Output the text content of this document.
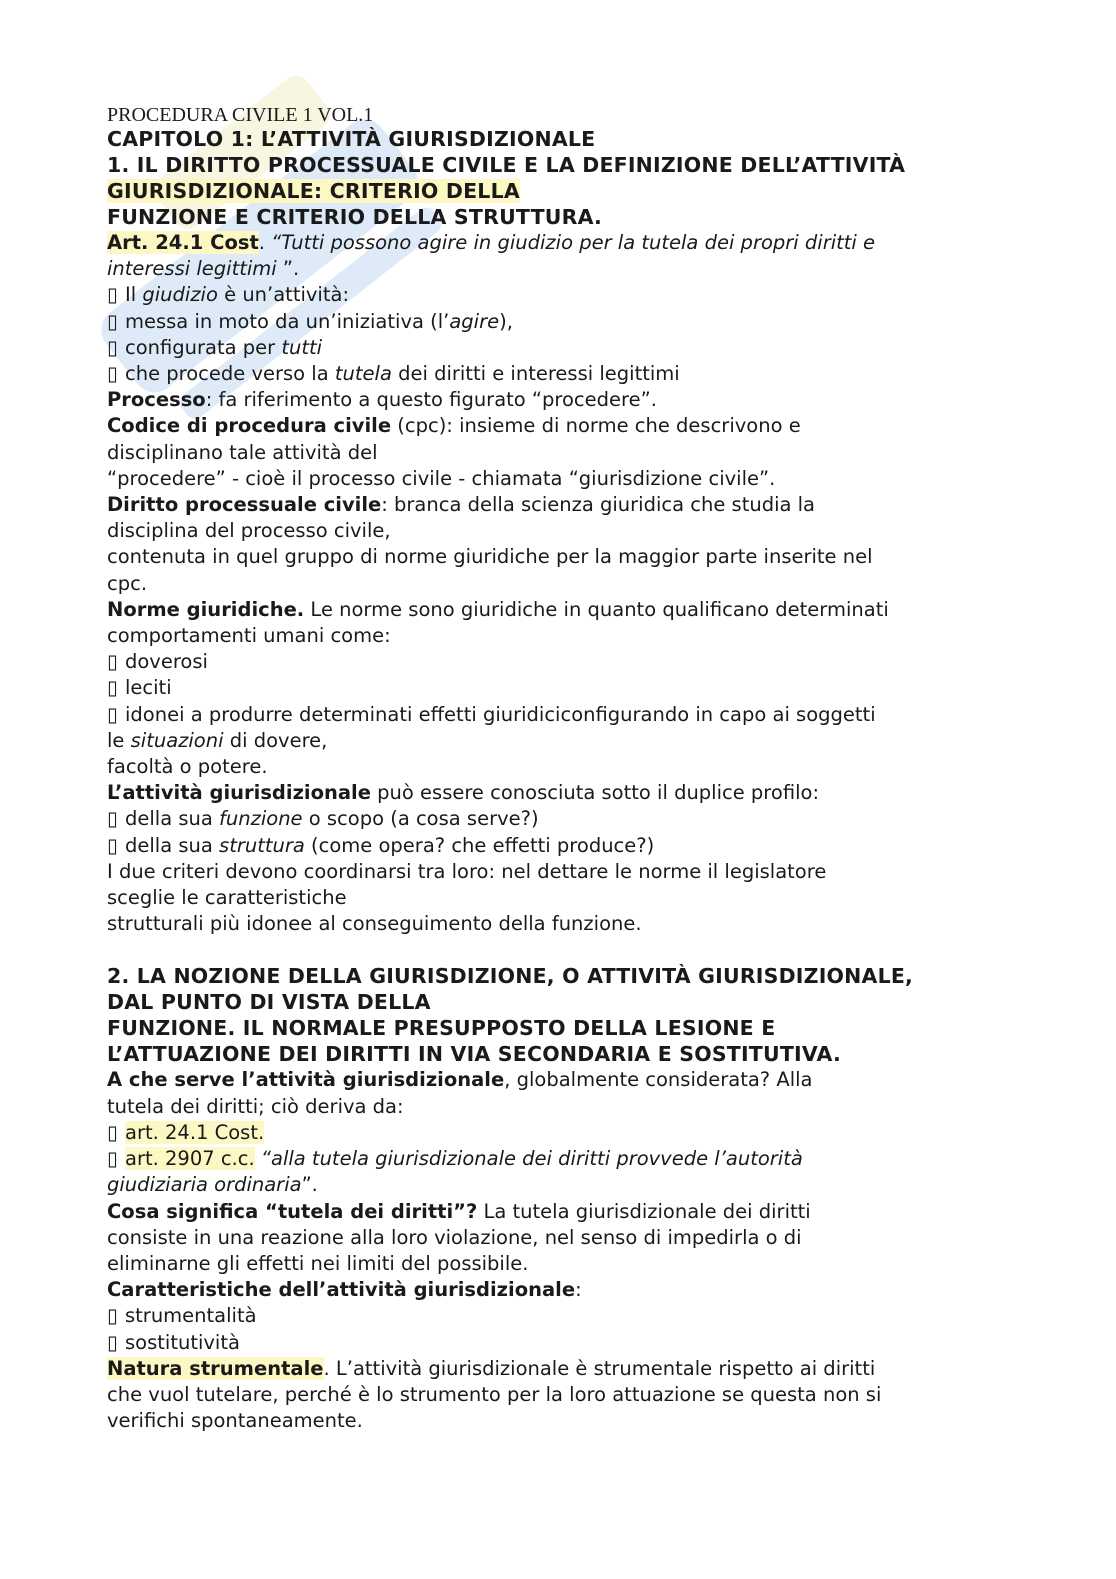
PROCEDURA CIVILE 1 VOL.1

CAPITOLO 1: L’ATTIVITÀ GIURISDIZIONALE

1. IL DIRITTO PROCESSUALE CIVILE E LA DEFINIZIONE DELL’ATTIVITÀ
GIURISDIZIONALE: CRITERIO DELLA
FUNZIONE E CRITERIO DELLA STRUTTURA.

Art. 24.1 Cost. “Tutti possono agire in giudizio per la tutela dei propri diritti e
interessi legittimi ”.

▯ Il giudizio è un’attività:

▯ messa in moto da un’iniziativa (l’agire),

▯ configurata per tutti

▯ che procede verso la tutela dei diritti e interessi legittimi

Processo: fa riferimento a questo figurato “procedere”.

Codice di procedura civile (cpc): insieme di norme che descrivono e
disciplinano tale attività del
“procedere” - cioè il processo civile - chiamata “giurisdizione civile”.

Diritto processuale civile: branca della scienza giuridica che studia la
disciplina del processo civile,
contenuta in quel gruppo di norme giuridiche per la maggior parte inserite nel
cpc.

Norme giuridiche. Le norme sono giuridiche in quanto qualificano determinati
comportamenti umani come:

▯ doverosi

▯ leciti

▯ idonei a produrre determinati effetti giuridiciconfigurando in capo ai soggetti
le situazioni di dovere,
facoltà o potere.

L’attività giurisdizionale può essere conosciuta sotto il duplice profilo:

▯ della sua funzione o scopo (a cosa serve?)

▯ della sua struttura (come opera? che effetti produce?)

I due criteri devono coordinarsi tra loro: nel dettare le norme il legislatore
sceglie le caratteristiche
strutturali più idonee al conseguimento della funzione.

2. LA NOZIONE DELLA GIURISDIZIONE, O ATTIVITÀ GIURISDIZIONALE,
DAL PUNTO DI VISTA DELLA
FUNZIONE. IL NORMALE PRESUPPOSTO DELLA LESIONE E
L’ATTUAZIONE DEI DIRITTI IN VIA SECONDARIA E SOSTITUTIVA.

A che serve l’attività giurisdizionale, globalmente considerata? Alla
tutela dei diritti; ciò deriva da:

▯ art. 24.1 Cost.

▯ art. 2907 c.c. “alla tutela giurisdizionale dei diritti provvede l’autorità
giudiziaria ordinaria”.

Cosa significa “tutela dei diritti”? La tutela giurisdizionale dei diritti
consiste in una reazione alla loro violazione, nel senso di impedirla o di
eliminarne gli effetti nei limiti del possibile.

Caratteristiche dell’attività giurisdizionale:

▯ strumentalità

▯ sostitutività

Natura strumentale. L’attività giurisdizionale è strumentale rispetto ai diritti
che vuol tutelare, perché è lo strumento per la loro attuazione se questa non si
verifichi spontaneamente.
